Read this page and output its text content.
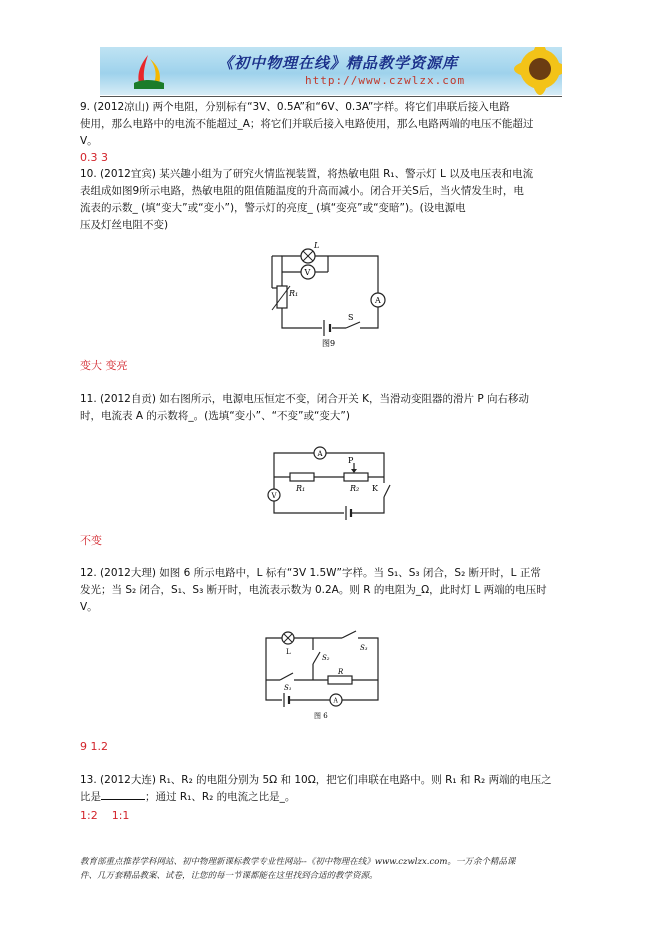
《初中物理在线》精品教学资源库
http://www.czwlzx.com
9. (2012凉山) 两个电阻，分别标有“3V、0.5A”和“6V、0.3A”字样。将它们串联后接入电路
使用，那么电路中的电流不能超过_A；将它们并联后接入电路使用，那么电路两端的电压不能超过
V。
0.3 3
10. (2012宜宾) 某兴趣小组为了研究火情监视装置，将热敏电阻 R₁、警示灯 L 以及电压表和电流
表组成如图9所示电路，热敏电阻的阻值随温度的升高而减小。闭合开关S后，当火情发生时，电
流表的示数_ (填“变大”或“变小”)，警示灯的亮度_ (填“变亮”或“变暗”)。(设电源电
压及灯丝电阻不变)
L
V
R₁
A
S
图9
变大 变亮
11. (2012自贡) 如右图所示，电源电压恒定不变，闭合开关 K，当滑动变阻器的滑片 P 向右移动
时，电流表 A 的示数将_。(选填“变小”、“不变”或“变大”)
A
V
R₁	R₂
P
K
不变
12. (2012大理) 如图 6 所示电路中，L 标有“3V 1.5W”字样。当 S₁、S₃ 闭合，S₂ 断开时，L 正常
发光；当 S₂ 闭合，S₁、S₃ 断开时，电流表示数为 0.2A。则 R 的电阻为_Ω，此时灯 L 两端的电压时
V。
L	S₃
S₂
S₁
R
A
图 6
9 1.2
13. (2012大连) R₁、R₂ 的电阻分别为 5Ω 和 10Ω，把它们串联在电路中。则 R₁ 和 R₂ 两端的电压之
比是	；通过 R₁、R₂ 的电流之比是_。
1:2    1:1
教育部重点推荐学科网站、初中物理新课标教学专业性网站--《初中物理在线》www.czwlzx.com。一万余个精品课
件、几万套精品教案、试卷，让您的每一节课都能在这里找到合适的教学资源。
